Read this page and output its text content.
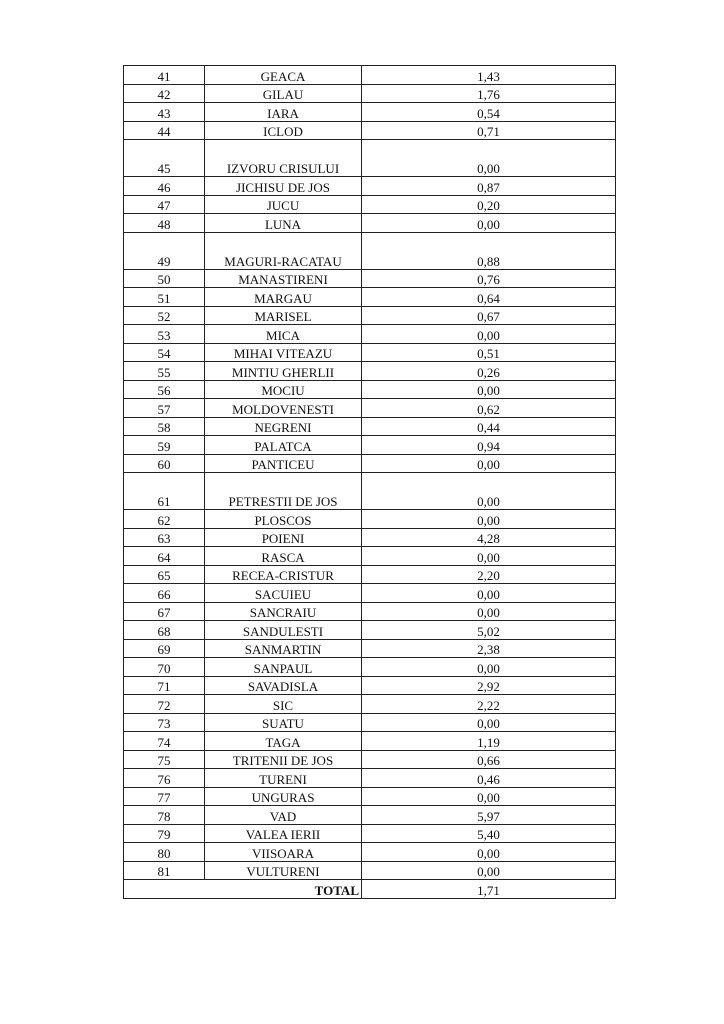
41	GEACA	1,43
42	GILAU	1,76
43	IARA	0,54
44	ICLOD	0,71
45	IZVORU CRISULUI	0,00
46	JICHISU DE JOS	0,87
47	JUCU	0,20
48	LUNA	0,00
49	MAGURI-RACATAU	0,88
50	MANASTIRENI	0,76
51	MARGAU	0,64
52	MARISEL	0,67
53	MICA	0,00
54	MIHAI VITEAZU	0,51
55	MINTIU GHERLII	0,26
56	MOCIU	0,00
57	MOLDOVENESTI	0,62
58	NEGRENI	0,44
59	PALATCA	0,94
60	PANTICEU	0,00
61	PETRESTII DE JOS	0,00
62	PLOSCOS	0,00
63	POIENI	4,28
64	RASCA	0,00
65	RECEA-CRISTUR	2,20
66	SACUIEU	0,00
67	SANCRAIU	0,00
68	SANDULESTI	5,02
69	SANMARTIN	2,38
70	SANPAUL	0,00
71	SAVADISLA	2,92
72	SIC	2,22
73	SUATU	0,00
74	TAGA	1,19
75	TRITENII DE JOS	0,66
76	TURENI	0,46
77	UNGURAS	0,00
78	VAD	5,97
79	VALEA IERII	5,40
80	VIISOARA	0,00
81	VULTURENI	0,00
TOTAL		1,71
